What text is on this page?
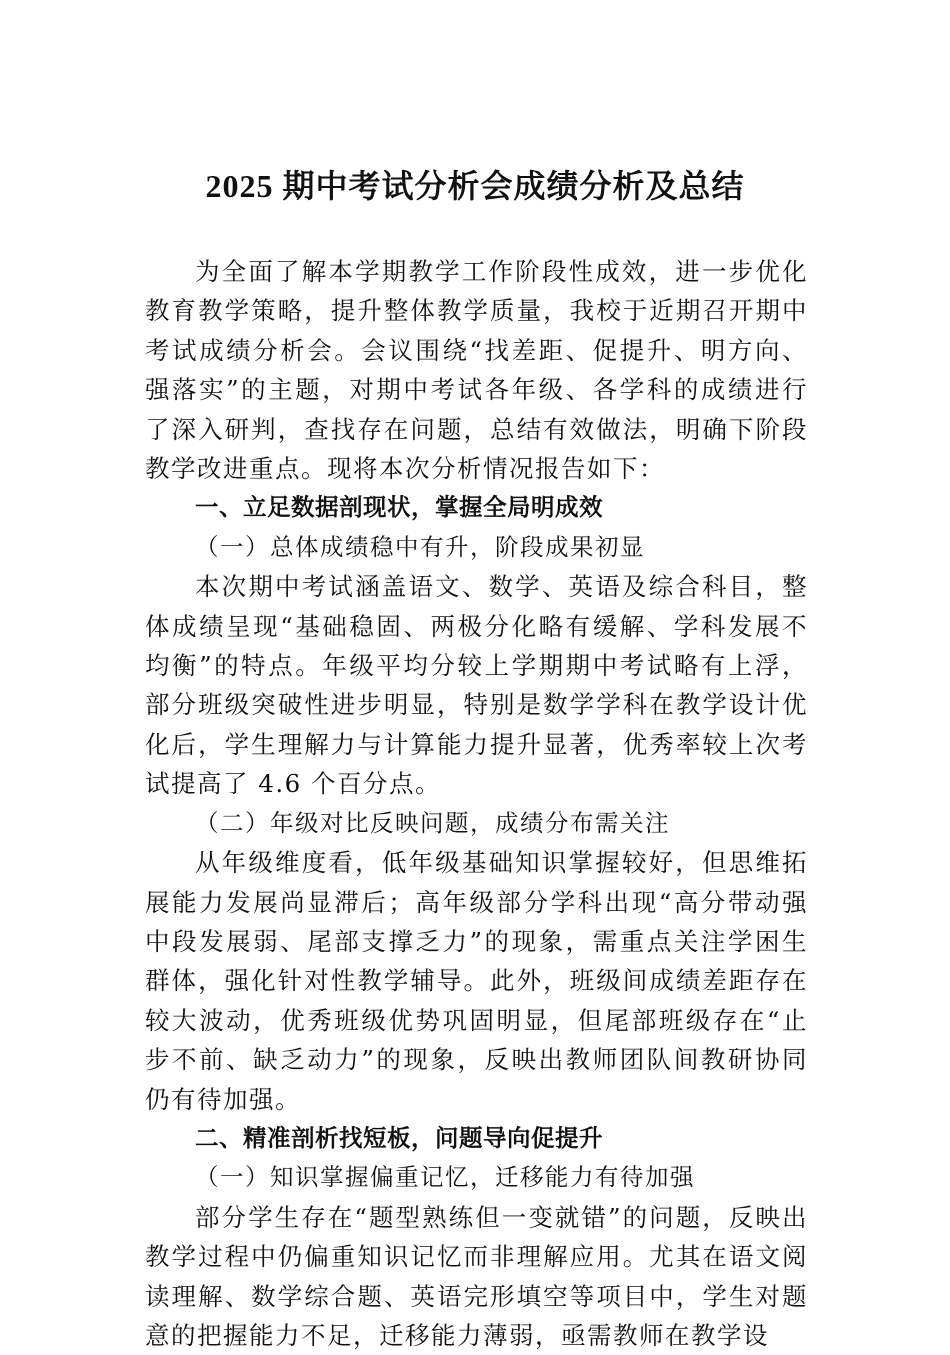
2025 期中考试分析会成绩分析及总结

为全面了解本学期教学工作阶段性成效，进一步优化教育教学策略，提升整体教学质量，我校于近期召开期中考试成绩分析会。会议围绕“找差距、促提升、明方向、强落实”的主题，对期中考试各年级、各学科的成绩进行了深入研判，查找存在问题，总结有效做法，明确下阶段教学改进重点。现将本次分析情况报告如下：

一、立足数据剖现状，掌握全局明成效

（一）总体成绩稳中有升，阶段成果初显

本次期中考试涵盖语文、数学、英语及综合科目，整体成绩呈现“基础稳固、两极分化略有缓解、学科发展不均衡”的特点。年级平均分较上学期期中考试略有上浮，部分班级突破性进步明显，特别是数学学科在教学设计优化后，学生理解力与计算能力提升显著，优秀率较上次考试提高了 4.6 个百分点。

（二）年级对比反映问题，成绩分布需关注

从年级维度看，低年级基础知识掌握较好，但思维拓展能力发展尚显滞后；高年级部分学科出现“高分带动强中段发展弱、尾部支撑乏力”的现象，需重点关注学困生群体，强化针对性教学辅导。此外，班级间成绩差距存在较大波动，优秀班级优势巩固明显，但尾部班级存在“止步不前、缺乏动力”的现象，反映出教师团队间教研协同仍有待加强。

二、精准剖析找短板，问题导向促提升

（一）知识掌握偏重记忆，迁移能力有待加强

部分学生存在“题型熟练但一变就错”的问题，反映出教学过程中仍偏重知识记忆而非理解应用。尤其在语文阅读理解、数学综合题、英语完形填空等项目中，学生对题意的把握能力不足，迁移能力薄弱，亟需教师在教学设
